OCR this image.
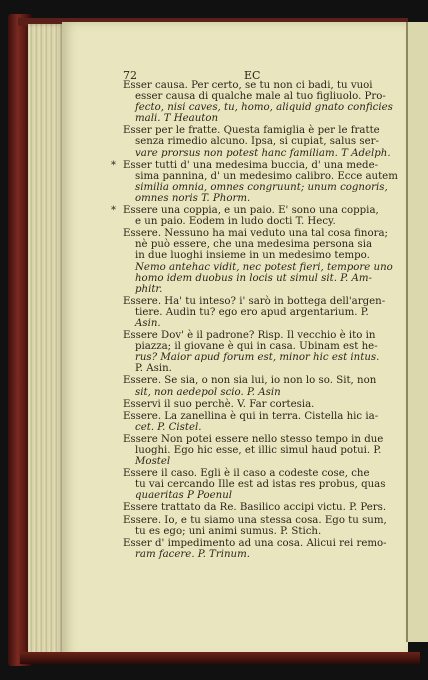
72	EC
Esser causa. Per certo, se tu non ci badi, tu vuoi
esser causa di qualche male al tuo figliuolo. Pro-
fecto, nisi caves, tu, homo, aliquid gnato conficies
mali. T Heauton
Esser per le fratte. Questa famiglia è per le fratte
senza rimedio alcuno. Ipsa, si cupiat, salus ser-
vare prorsus non potest hanc familiam. T Adelph.
* Esser tutti d' una medesima buccia, d' una mede-
sima pannina, d' un medesimo calibro. Ecce autem
similia omnia, omnes congruunt; unum cognoris,
omnes noris T. Phorm.
* Essere una coppia, e un paio. E' sono una coppia,
e un paio. Eodem in ludo docti T. Hecy.
Essere. Nessuno ha mai veduto una tal cosa finora;
nè può essere, che una medesima persona sia
in due luoghi insieme in un medesimo tempo.
Nemo antehac vidit, nec potest fieri, tempore uno
homo idem duobus in locis ut simul sit. P. Am-
phitr.
Essere. Ha' tu inteso? i' sarò in bottega dell'argen-
tiere. Audin tu? ego ero apud argentarium. P.
Asin.
Essere Dov' è il padrone? Risp. Il vecchio è ito in
piazza; il giovane è qui in casa. Ubinam est he-
rus? Maior apud forum est, minor hic est intus.
P. Asin.
Essere. Se sia, o non sia lui, io non lo so. Sit, non
sit, non aedepol scio. P. Asin
Esservi il suo perchè. V. Far cortesia.
Essere. La zanellina è qui in terra. Cistella hic ia-
cet. P. Cistel.
Essere Non potei essere nello stesso tempo in due
luoghi. Ego hic esse, et illic simul haud potui. P.
Mostel
Essere il caso. Egli è il caso a codeste cose, che
tu vai cercando Ille est ad istas res probus, quas
quaeritas P Poenul
Essere trattato da Re. Basilico accipi victu. P. Pers.
Essere. Io, e tu siamo una stessa cosa. Ego tu sum,
tu es ego; uni animi sumus. P. Stich.
Esser d' impedimento ad una cosa. Alicui rei remo-
ram facere. P. Trinum.
